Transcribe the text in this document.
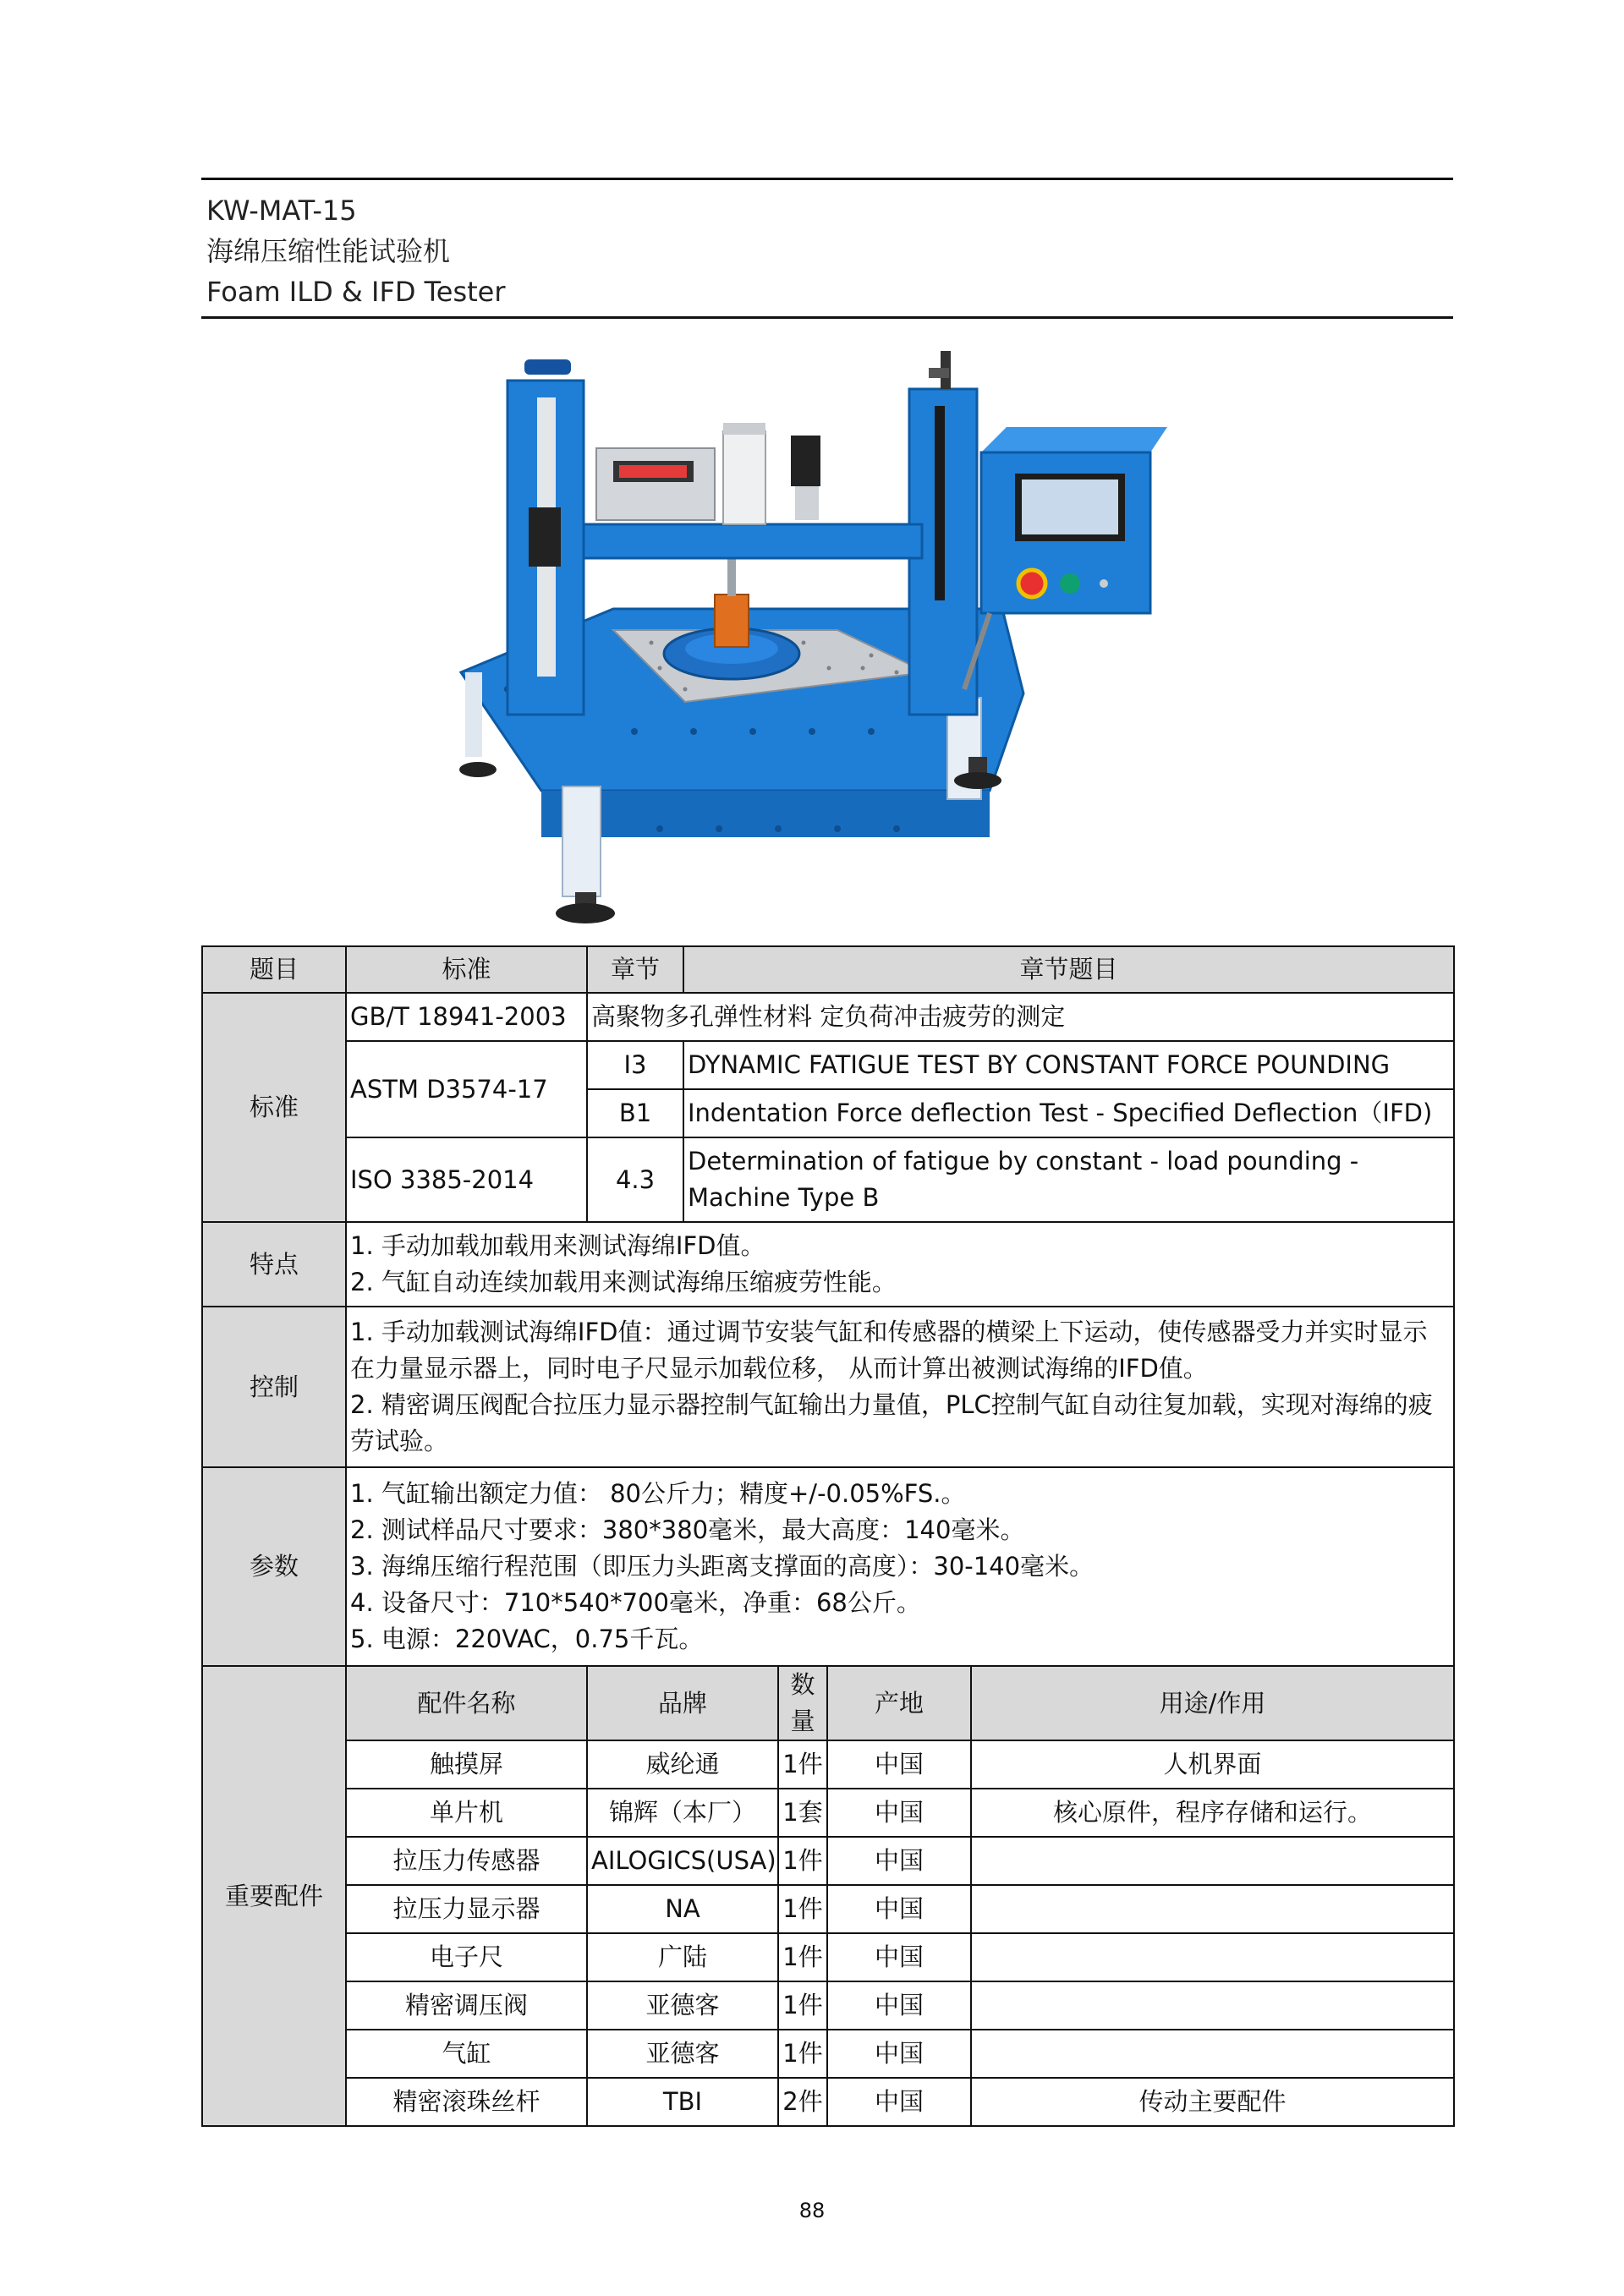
KW-MAT-15
海绵压缩性能试验机
Foam ILD & IFD Tester
题目	标准	章节	章节题目			
标准	GB/T 18941-2003	高聚物多孔弹性材料 定负荷冲击疲劳的测定				
	ASTM D3574-17	I3	DYNAMIC FATIGUE TEST BY CONSTANT FORCE POUNDING			
		B1	Indentation Force deflection Test - Specified Deflection（IFD)			
	ISO 3385-2014	4.3	Determination of fatigue by constant - load pounding - Machine Type B			
特点	1. 手动加载加载用来测试海绵IFD值。
2. 气缸自动连续加载用来测试海绵压缩疲劳性能。					

控制	1. 手动加载测试海绵IFD值：通过调节安装气缸和传感器的横梁上下运动，使传感器受力并实时显示在力量显示器上，同时电子尺显示加载位移， 从而计算出被测试海绵的IFD值。
2. 精密调压阀配合拉压力显示器控制气缸输出力量值，PLC控制气缸自动往复加载，实现对海绵的疲劳试验。					

参数	1. 气缸输出额定力值： 80公斤力；精度+/-0.05%FS.。
2. 测试样品尺寸要求：380*380毫米，最大高度：140毫米。
3. 海绵压缩行程范围（即压力头距离支撑面的高度）：30-140毫米。
4. 设备尺寸：710*540*700毫米，净重：68公斤。
5. 电源：220VAC，0.75千瓦。					

重要配件	配件名称	品牌		数量	产地	用途/作用
	触摸屏	威纶通		1件	中国	人机界面
	单片机	锦辉（本厂）		1套	中国	核心原件，程序存储和运行。
	拉压力传感器	AILOGICS(USA)		1件	中国	
	拉压力显示器	NA		1件	中国	
	电子尺	广陆		1件	中国	
	精密调压阀	亚德客		1件	中国	
	气缸	亚德客		1件	中国	
	精密滚珠丝杆	TBI		2件	中国	传动主要配件
88
